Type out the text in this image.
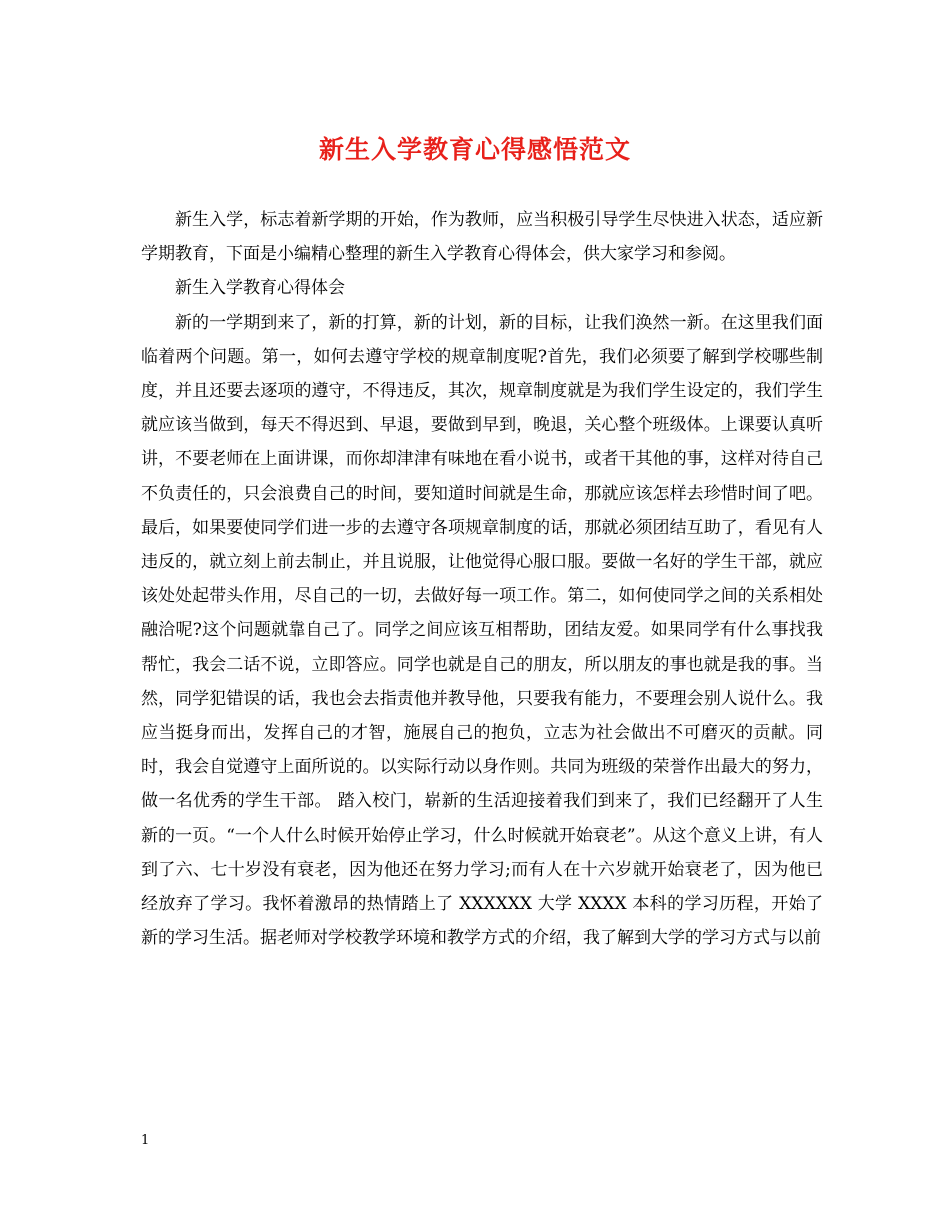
新生入学教育心得感悟范文

新生入学，标志着新学期的开始，作为教师，应当积极引导学生尽快进入状态，适应新学期教育，下面是小编精心整理的新生入学教育心得体会，供大家学习和参阅。

新生入学教育心得体会

新的一学期到来了，新的打算，新的计划，新的目标，让我们涣然一新。在这里我们面临着两个问题。第一，如何去遵守学校的规章制度呢?首先，我们必须要了解到学校哪些制度，并且还要去逐项的遵守，不得违反，其次，规章制度就是为我们学生设定的，我们学生就应该当做到，每天不得迟到、早退，要做到早到，晚退，关心整个班级体。上课要认真听讲，不要老师在上面讲课，而你却津津有味地在看小说书，或者干其他的事，这样对待自己不负责任的，只会浪费自己的时间，要知道时间就是生命，那就应该怎样去珍惜时间了吧。最后，如果要使同学们进一步的去遵守各项规章制度的话，那就必须团结互助了，看见有人违反的，就立刻上前去制止，并且说服，让他觉得心服口服。要做一名好的学生干部，就应该处处起带头作用，尽自己的一切，去做好每一项工作。第二，如何使同学之间的关系相处融洽呢?这个问题就靠自己了。同学之间应该互相帮助，团结友爱。如果同学有什么事找我帮忙，我会二话不说，立即答应。同学也就是自己的朋友，所以朋友的事也就是我的事。当然，同学犯错误的话，我也会去指责他并教导他，只要我有能力，不要理会别人说什么。我应当挺身而出，发挥自己的才智，施展自己的抱负，立志为社会做出不可磨灭的贡献。同时，我会自觉遵守上面所说的。以实际行动以身作则。共同为班级的荣誉作出最大的努力，做一名优秀的学生干部。 踏入校门，崭新的生活迎接着我们到来了，我们已经翻开了人生新的一页。“一个人什么时候开始停止学习，什么时候就开始衰老”。从这个意义上讲，有人到了六、七十岁没有衰老，因为他还在努力学习;而有人在十六岁就开始衰老了，因为他已经放弃了学习。我怀着激昂的热情踏上了 XXXXXX 大学 XXXX 本科的学习历程，开始了新的学习生活。据老师对学校教学环境和教学方式的介绍，我了解到大学的学习方式与以前

1
